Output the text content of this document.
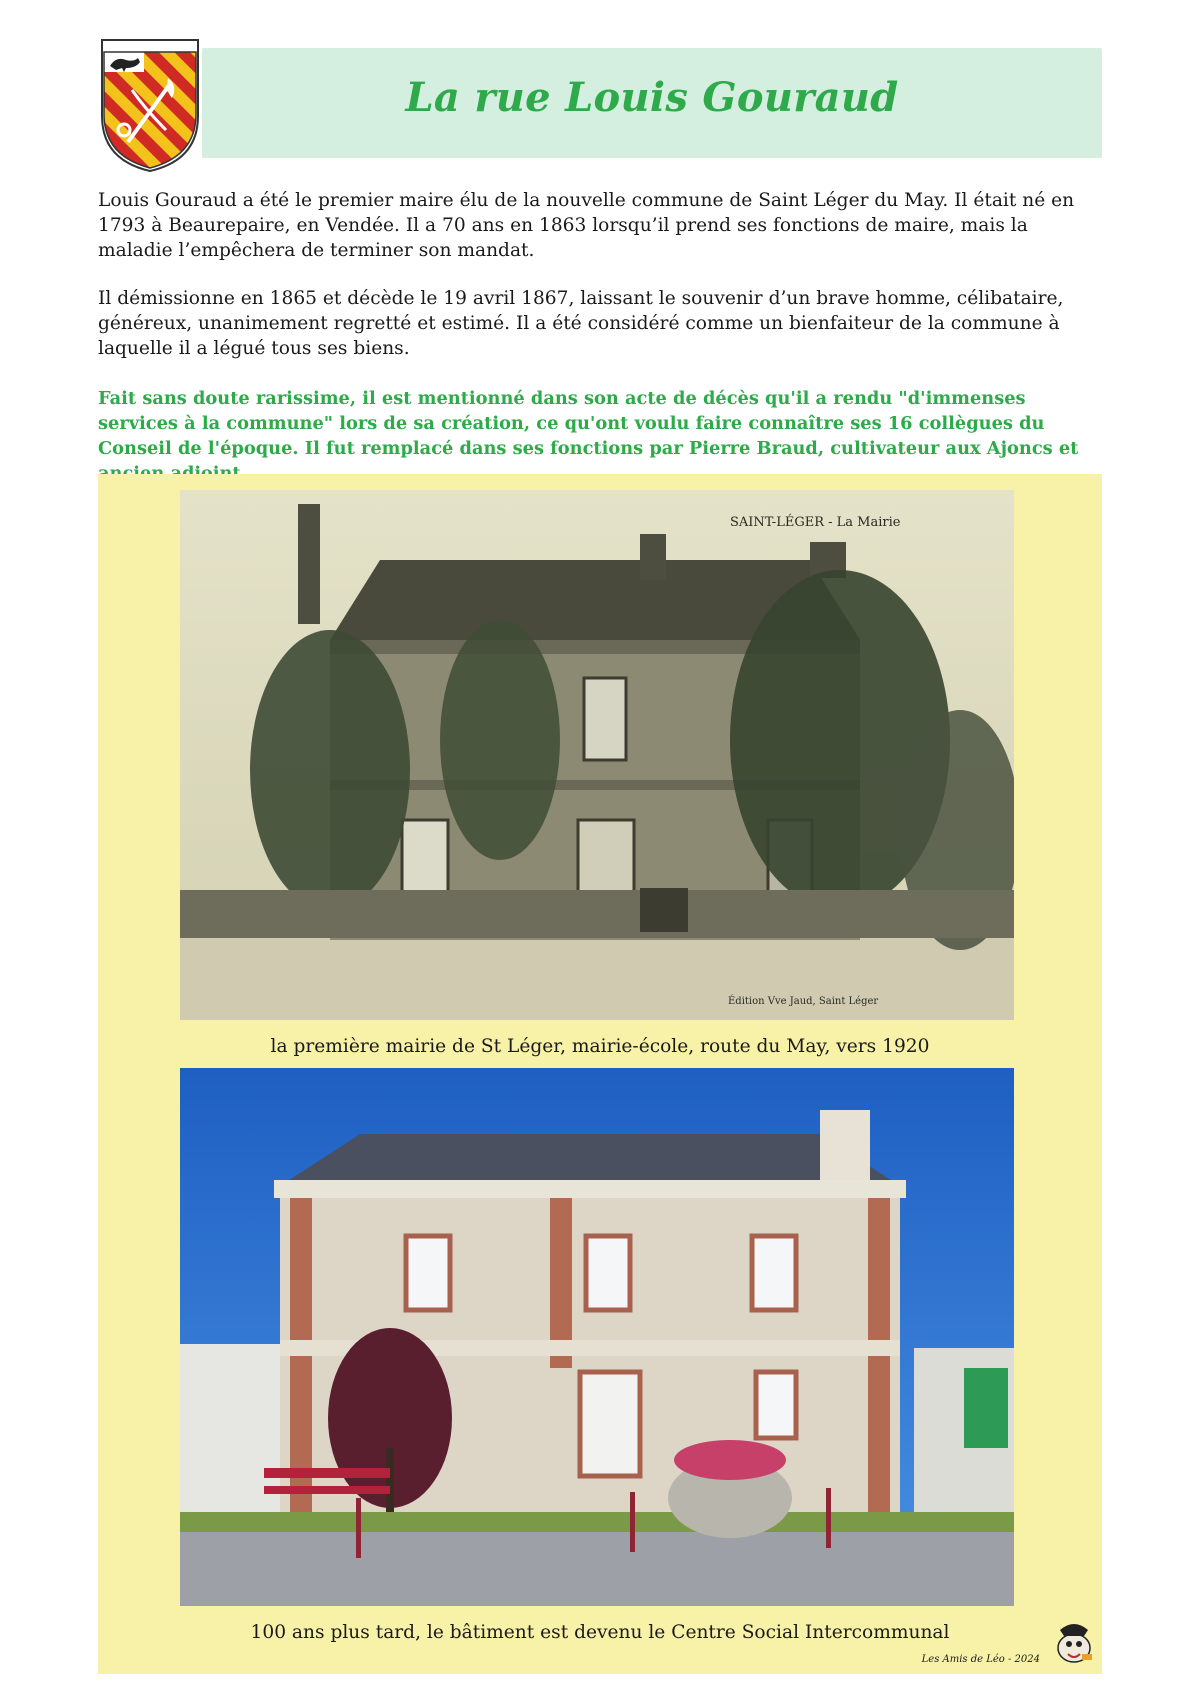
La rue Louis Gouraud

Louis Gouraud a été le premier maire élu de la nouvelle commune de Saint Léger du May. Il était né en 1793 à Beaurepaire, en Vendée. Il a 70 ans en 1863 lorsqu’il prend ses fonctions de maire, mais la maladie l’empêchera de terminer son mandat.

Il démissionne en 1865 et décède le 19 avril 1867, laissant le souvenir d’un brave homme, célibataire, généreux, unanimement regretté et estimé. Il a été considéré comme un bienfaiteur de la commune à laquelle il a légué tous ses biens.

Fait sans doute rarissime, il est mentionné dans son acte de décès qu'il a rendu "d'immenses services à la commune" lors de sa création, ce qu'ont voulu faire connaître ses 16 collègues du Conseil de l'époque. Il fut remplacé dans ses fonctions par Pierre Braud, cultivateur aux Ajoncs et

SAINT-LÉGER - La Mairie
Édition Vve Jaud, Saint Léger
la première mairie de St Léger, mairie-école, route du May, vers 1920
100 ans plus tard, le bâtiment est devenu le Centre Social Intercommunal
Les Amis de Léo - 2024
